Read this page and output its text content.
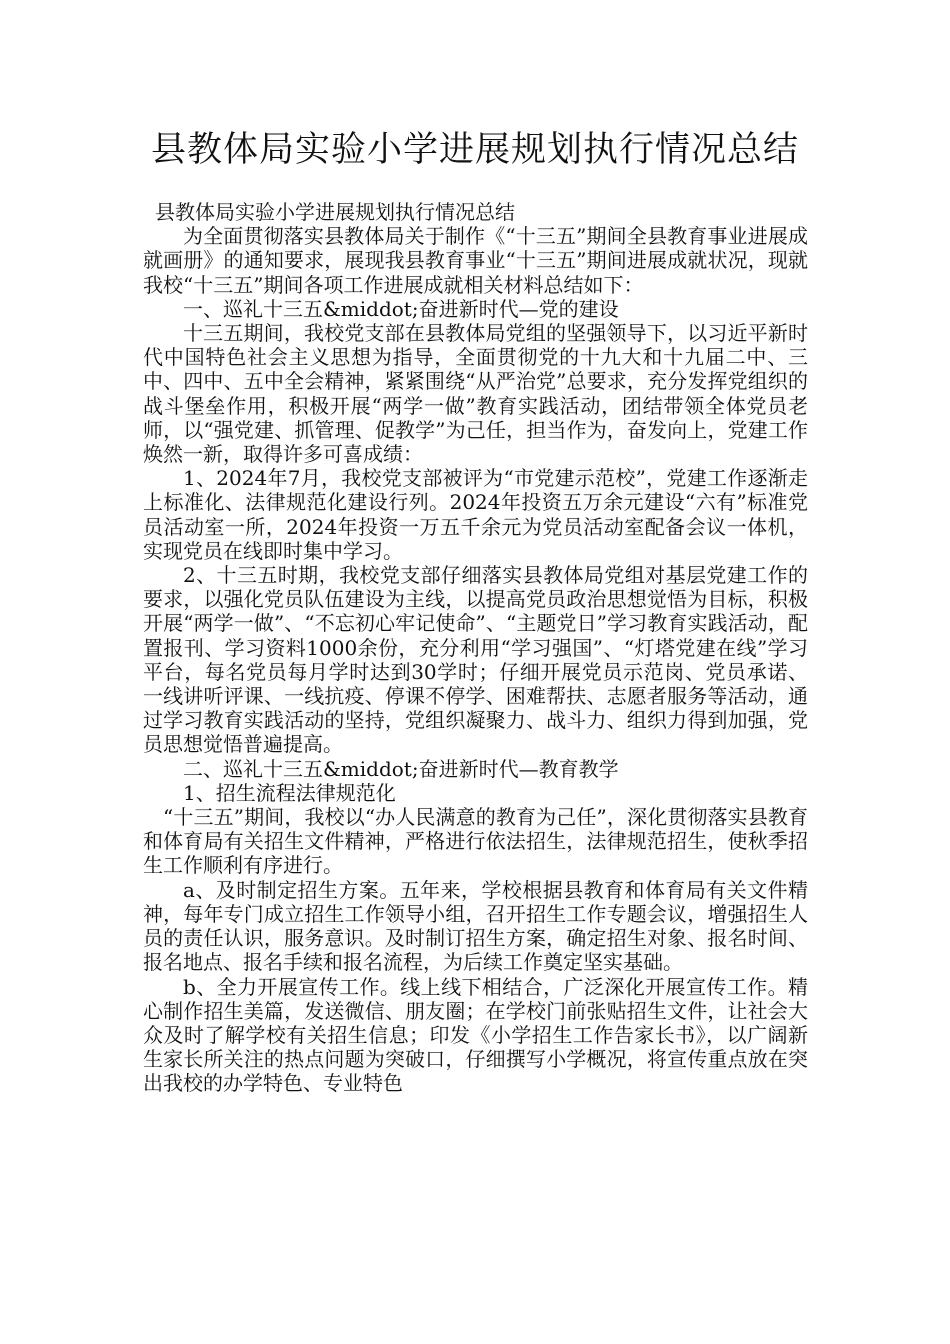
县教体局实验小学进展规划执行情况总结

县教体局实验小学进展规划执行情况总结

为全面贯彻落实县教体局关于制作《“十三五”期间全县教育事业进展成就画册》的通知要求，展现我县教育事业“十三五”期间进展成就状况，现就我校“十三五”期间各项工作进展成就相关材料总结如下：

一、巡礼十三五&middot;奋进新时代—党的建设

十三五期间，我校党支部在县教体局党组的坚强领导下，以习近平新时代中国特色社会主义思想为指导，全面贯彻党的十九大和十九届二中、三中、四中、五中全会精神，紧紧围绕“从严治党”总要求，充分发挥党组织的战斗堡垒作用，积极开展“两学一做”教育实践活动，团结带领全体党员老师，以“强党建、抓管理、促教学”为己任，担当作为，奋发向上，党建工作焕然一新，取得许多可喜成绩：

1、2024年7月，我校党支部被评为“市党建示范校”，党建工作逐渐走上标准化、法律规范化建设行列。2024年投资五万余元建设“六有”标准党员活动室一所，2024年投资一万五千余元为党员活动室配备会议一体机，实现党员在线即时集中学习。

2、十三五时期，我校党支部仔细落实县教体局党组对基层党建工作的要求，以强化党员队伍建设为主线，以提高党员政治思想觉悟为目标，积极开展“两学一做”、“不忘初心牢记使命”、“主题党日”学习教育实践活动，配置报刊、学习资料1000余份，充分利用“学习强国”、“灯塔党建在线”学习平台，每名党员每月学时达到30学时；仔细开展党员示范岗、党员承诺、一线讲听评课、一线抗疫、停课不停学、困难帮扶、志愿者服务等活动，通过学习教育实践活动的坚持，党组织凝聚力、战斗力、组织力得到加强，党员思想觉悟普遍提高。

二、巡礼十三五&middot;奋进新时代—教育教学

1、招生流程法律规范化

“十三五”期间，我校以“办人民满意的教育为己任”，深化贯彻落实县教育和体育局有关招生文件精神，严格进行依法招生，法律规范招生，使秋季招生工作顺利有序进行。

a、及时制定招生方案。五年来，学校根据县教育和体育局有关文件精神，每年专门成立招生工作领导小组，召开招生工作专题会议，增强招生人员的责任认识，服务意识。及时制订招生方案，确定招生对象、报名时间、报名地点、报名手续和报名流程，为后续工作奠定坚实基础。

b、全力开展宣传工作。线上线下相结合，广泛深化开展宣传工作。精心制作招生美篇，发送微信、朋友圈；在学校门前张贴招生文件，让社会大众及时了解学校有关招生信息；印发《小学招生工作告家长书》，以广阔新生家长所关注的热点问题为突破口，仔细撰写小学概况，将宣传重点放在突出我校的办学特色、专业特色
